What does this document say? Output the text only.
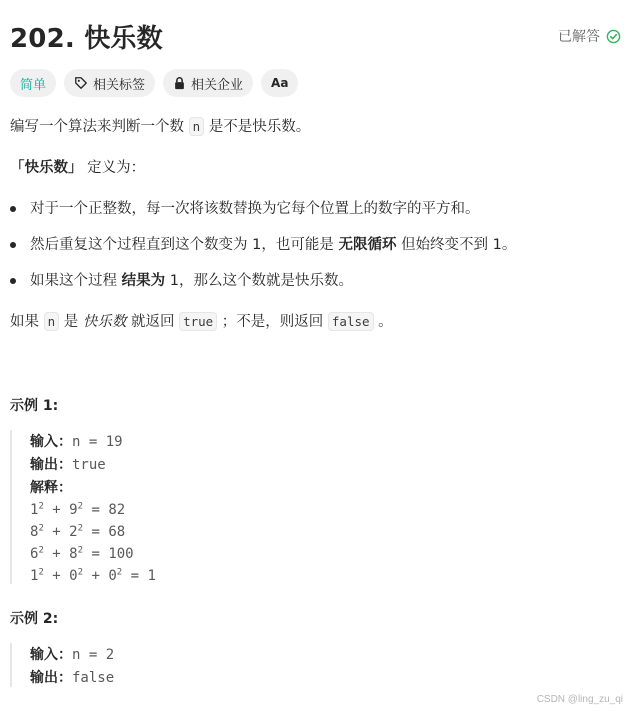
202. 快乐数	已解答
简单	相关标签	相关企业 Aa
编写一个算法来判断一个数 n 是不是快乐数。
「快乐数」 定义为：
对于一个正整数，每一次将该数替换为它每个位置上的数字的平方和。
然后重复这个过程直到这个数变为 1，也可能是
无限循环
但始终变不到 1。
如果这个过程
结果为
1，那么这个数就是快乐数。
如果 n 是 快乐数 就返回 true ；不是，则返回 false 。
示例 1:
输入：n = 19
输出：true
解释：
$1^2 + 9^2 = 82$
$8^2 + 2^2 = 68$
$6^2 + 8^2 = 100$
$1^2 + 0^2 + 0^2 = 1$
示例 2:
输入：n = 2
输出：false
CSDN @ling_zu_qi
